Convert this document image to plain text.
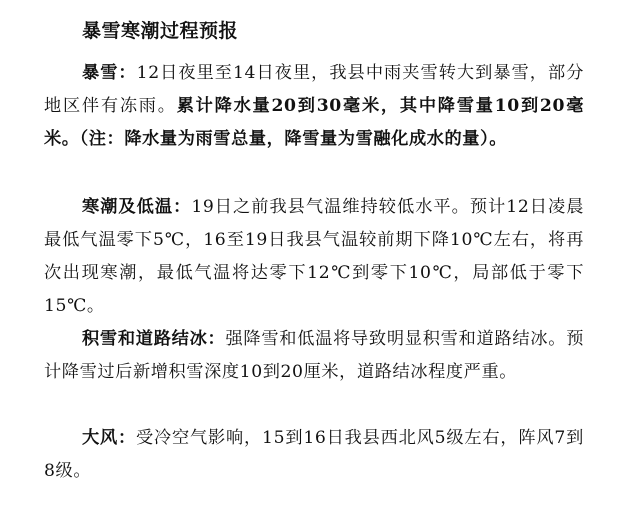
暴雪寒潮过程预报

暴雪：12日夜里至14日夜里，我县中雨夹雪转大到暴雪，部分地区伴有冻雨。累计降水量20到30毫米，其中降雪量10到20毫米。（注：降水量为雨雪总量，降雪量为雪融化成水的量）。

寒潮及低温：19日之前我县气温维持较低水平。预计12日凌晨最低气温零下5℃，16至19日我县气温较前期下降10℃左右，将再次出现寒潮，最低气温将达零下12℃到零下10℃，局部低于零下15℃。

积雪和道路结冰：强降雪和低温将导致明显积雪和道路结冰。预计降雪过后新增积雪深度10到20厘米，道路结冰程度严重。

大风：受冷空气影响，15到16日我县西北风5级左右，阵风7到8级。
